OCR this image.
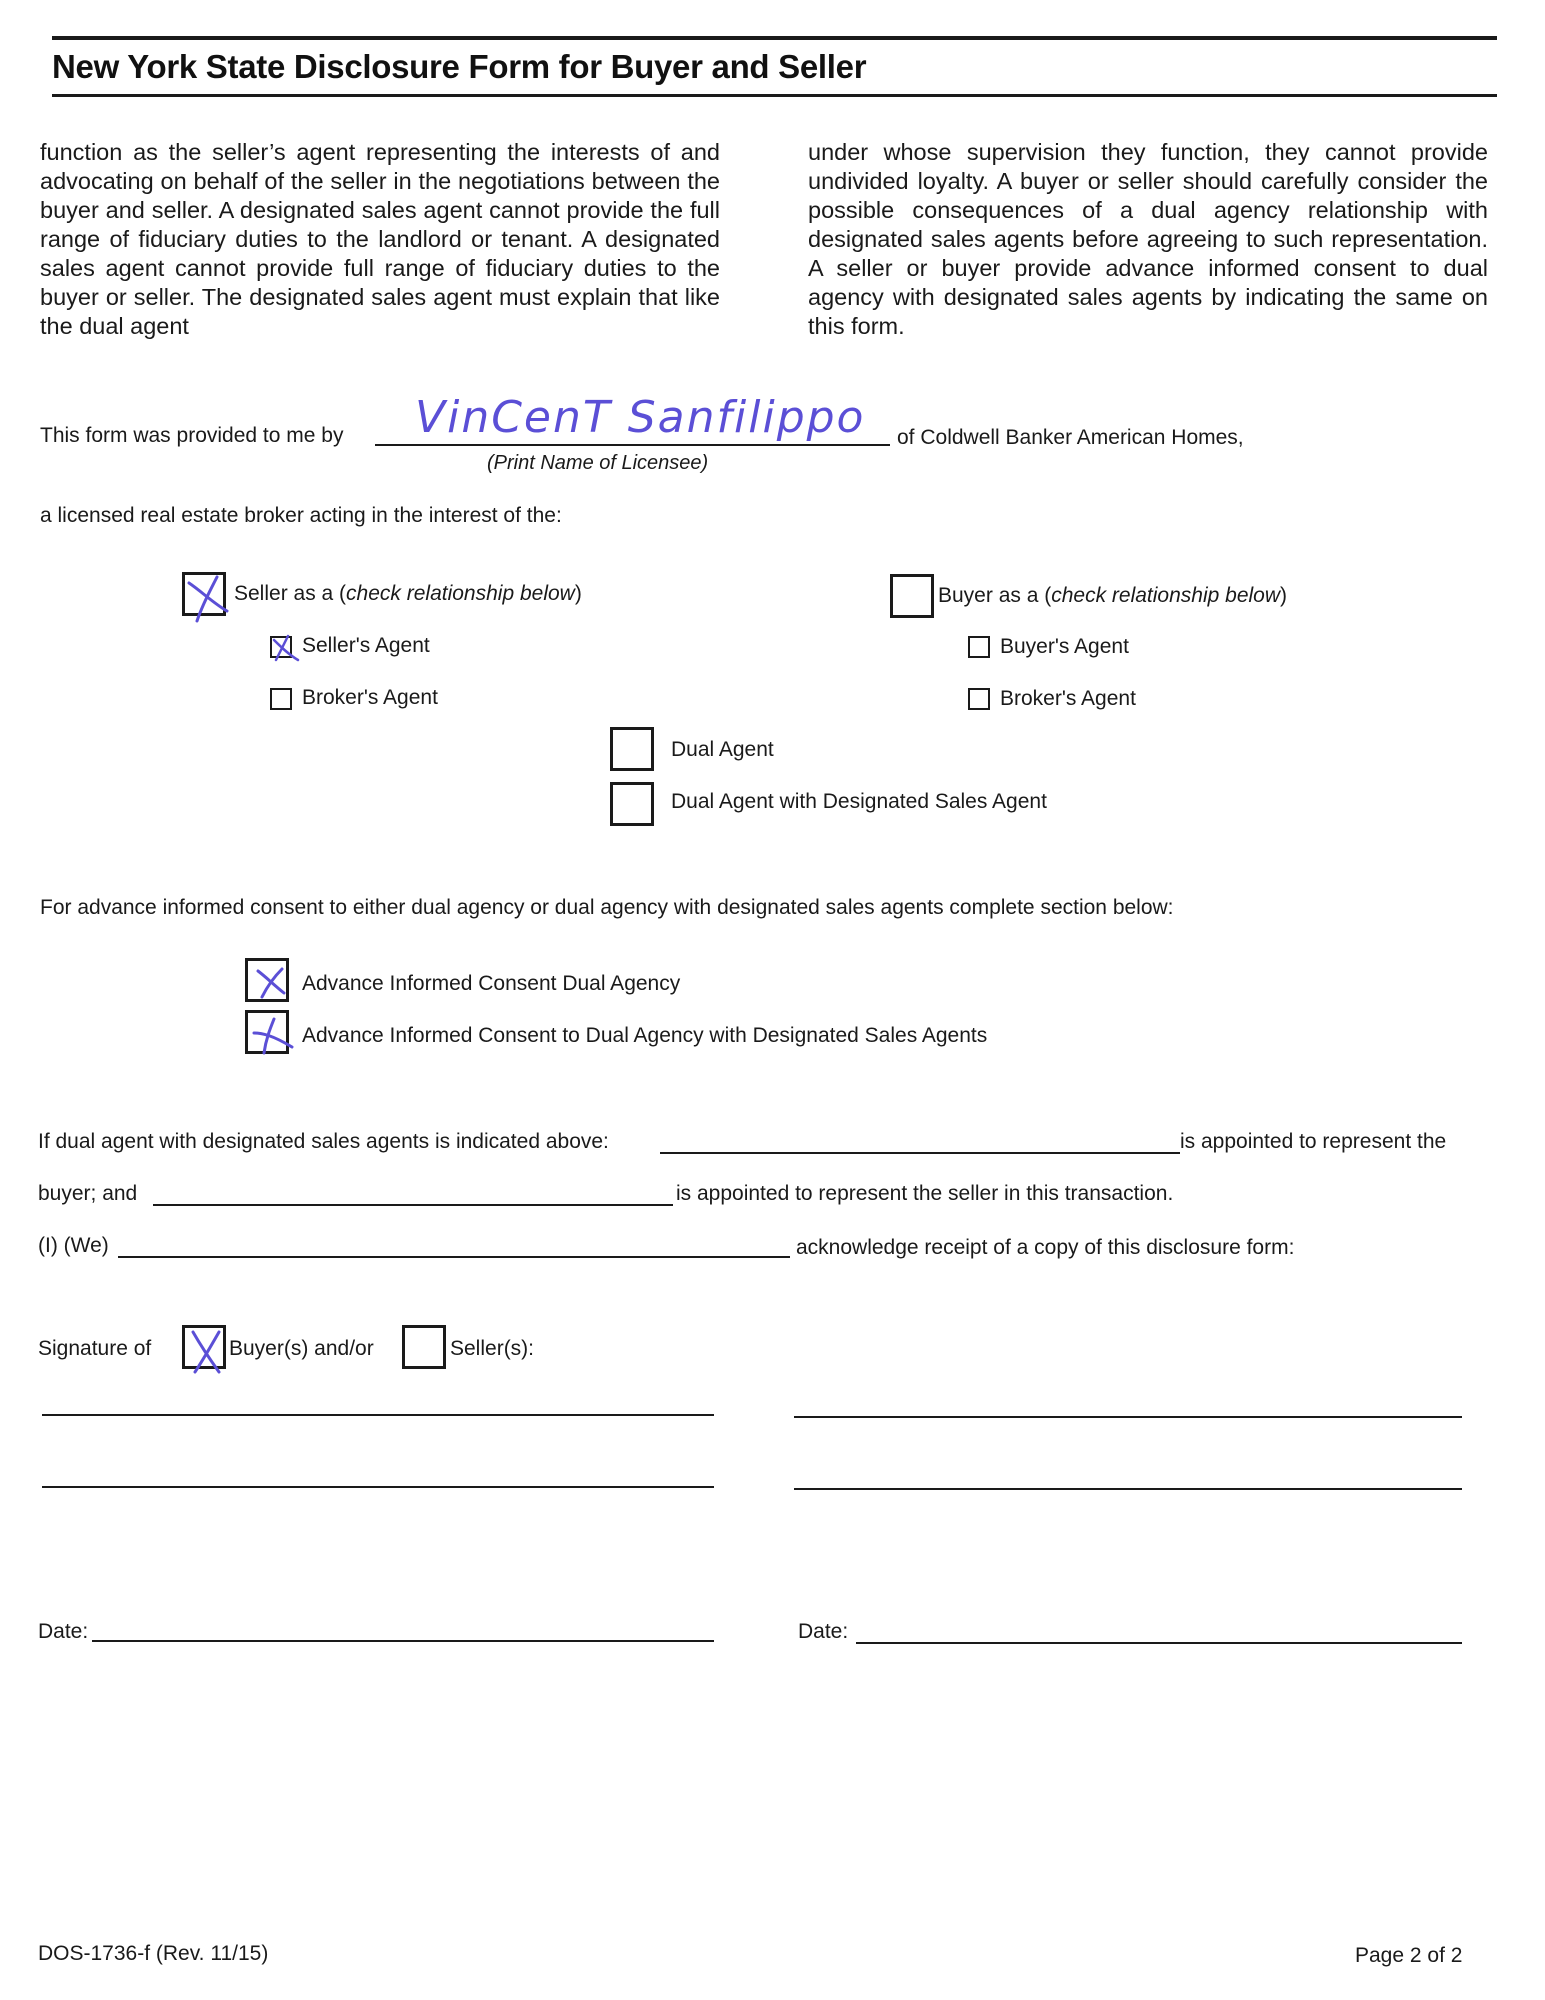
New York State Disclosure Form for Buyer and Seller
function as the seller’s agent representing the interests of and advocating on behalf of the seller in the negotiations between the buyer and seller. A designated sales agent cannot provide the full range of fiduciary duties to the landlord or tenant. A designated sales agent cannot provide full range of fiduciary duties to the buyer or seller. The designated sales agent must explain that like the dual agent
under whose supervision they function, they cannot provide undivided loyalty. A buyer or seller should carefully consider the possible consequences of a dual agency relationship with designated sales agents before agreeing to such representation. A seller or buyer provide advance informed consent to dual agency with designated sales agents by indicating the same on this form.
This form was provided to me by VinCenT Sanfilippo
(Print Name of Licensee)
of Coldwell Banker American Homes,
a licensed real estate broker acting in the interest of the:
Seller as a (check relationship below)
Seller's Agent
Broker's Agent
Buyer as a (check relationship below)
Buyer's Agent
Broker's Agent
Dual Agent
Dual Agent with Designated Sales Agent
For advance informed consent to either dual agency or dual agency with designated sales agents complete section below:
Advance Informed Consent Dual Agency
Advance Informed Consent to Dual Agency with Designated Sales Agents
If dual agent with designated sales agents is indicated above:	is appointed to represent the
buyer; and	is appointed to represent the seller in this transaction.
(I) (We)	acknowledge receipt of a copy of this disclosure form:
Signature of	Buyer(s) and/or	Seller(s):
Date:	Date:
DOS-1736-f (Rev. 11/15)	Page 2 of 2
